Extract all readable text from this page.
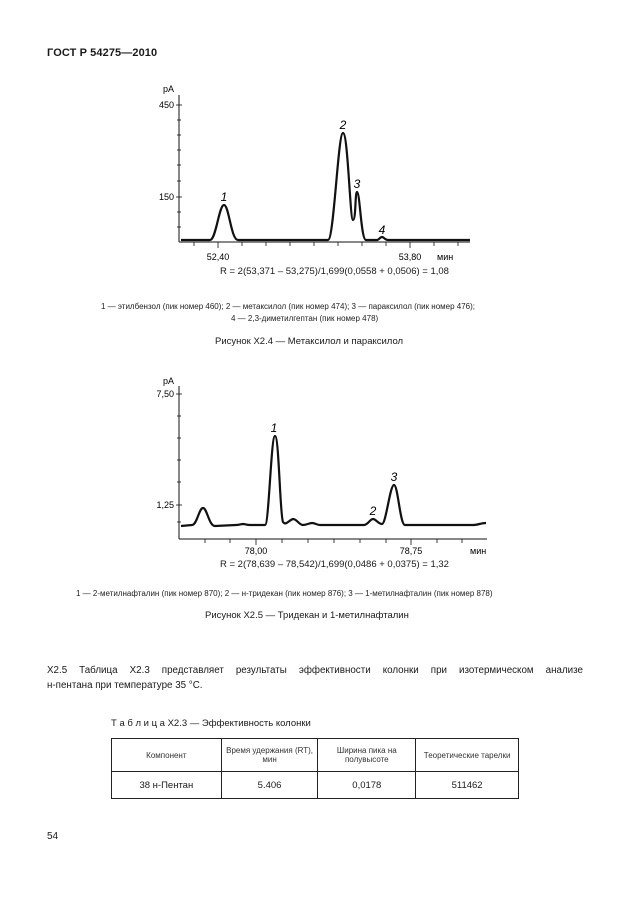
ГОСТ Р 54275—2010
pA
450
150
52,40	53,80 мин
1
2
3
4
R = 2(53,371 – 53,275)/1,699(0,0558 + 0,0506) = 1,08
1 — этилбензол (пик номер 460); 2 — метаксилол (пик номер 474); 3 — параксилол (пик номер 476);
4 — 2,3-диметилгептан (пик номер 478)
Рисунок X2.4 — Метаксилол и параксилол
pA
7,50
1,25
78,00	78,75	мин
1
2
3
R = 2(78,639 – 78,542)/1,699(0,0486 + 0,0375) = 1,32
1 — 2-метилнафталин (пик номер 870); 2 — н-тридекан (пик номер 876); 3 — 1-метилнафталин (пик номер 878)
Рисунок X2.5 — Тридекан и 1-метилнафталин
X2.5 Таблица X2.3 представляет результаты эффективности колонки при изотермическом анализе
н-пентана при температуре 35 °C.
Т а б л и ц а X2.3 — Эффективность колонки
Компонент	Время удержания (RT), мин	Ширина пика на полувысоте	Теоретические тарелки
38 н-Пентан	5.406	0,0178	511462
54
